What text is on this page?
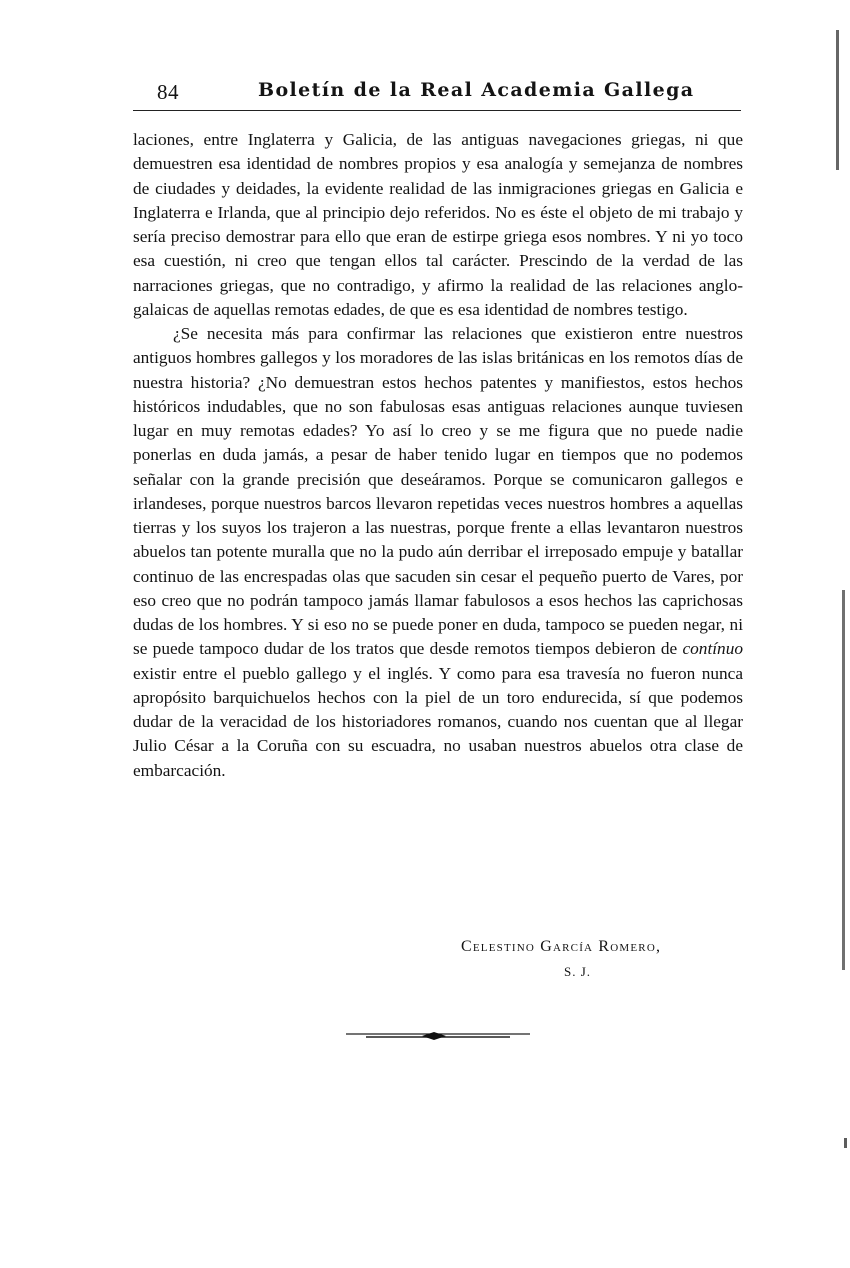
84	Boletín de la Real Academia Gallega

laciones, entre Inglaterra y Galicia, de las antiguas navegaciones griegas, ni que demuestren esa identidad de nombres propios y esa analogía y semejanza de nombres de ciudades y deidades, la evidente realidad de las inmigraciones griegas en Galicia e Inglaterra e Irlanda, que al principio dejo referidos. No es éste el objeto de mi trabajo y sería preciso demostrar para ello que eran de estirpe griega esos nombres. Y ni yo toco esa cuestión, ni creo que tengan ellos tal carácter. Prescindo de la verdad de las narraciones griegas, que no contradigo, y afirmo la realidad de las relaciones anglo-galaicas de aquellas remotas edades, de que es esa identidad de nombres testigo.

¿Se necesita más para confirmar las relaciones que existieron entre nuestros antiguos hombres gallegos y los moradores de las islas británicas en los remotos días de nuestra historia? ¿No demuestran estos hechos patentes y manifiestos, estos hechos históricos indudables, que no son fabulosas esas antiguas relaciones aunque tuviesen lugar en muy remotas edades? Yo así lo creo y se me figura que no puede nadie ponerlas en duda jamás, a pesar de haber tenido lugar en tiempos que no podemos señalar con la grande precisión que deseáramos. Porque se comunicaron gallegos e irlandeses, porque nuestros barcos llevaron repetidas veces nuestros hombres a aquellas tierras y los suyos los trajeron a las nuestras, porque frente a ellas levantaron nuestros abuelos tan potente muralla que no la pudo aún derribar el irreposado empuje y batallar continuo de las encrespadas olas que sacuden sin cesar el pequeño puerto de Vares, por eso creo que no podrán tampoco jamás llamar fabulosos a esos hechos las caprichosas dudas de los hombres. Y si eso no se puede poner en duda, tampoco se pueden negar, ni se puede tampoco dudar de los tratos que desde remotos tiempos debieron de contínuo existir entre el pueblo gallego y el inglés. Y como para esa travesía no fueron nunca apropósito barquichuelos hechos con la piel de un toro endurecida, sí que podemos dudar de la veracidad de los historiadores romanos, cuando nos cuentan que al llegar Julio César a la Coruña con su escuadra, no usaban nuestros abuelos otra clase de embarcación.

Celestino García Romero,
S. J.
